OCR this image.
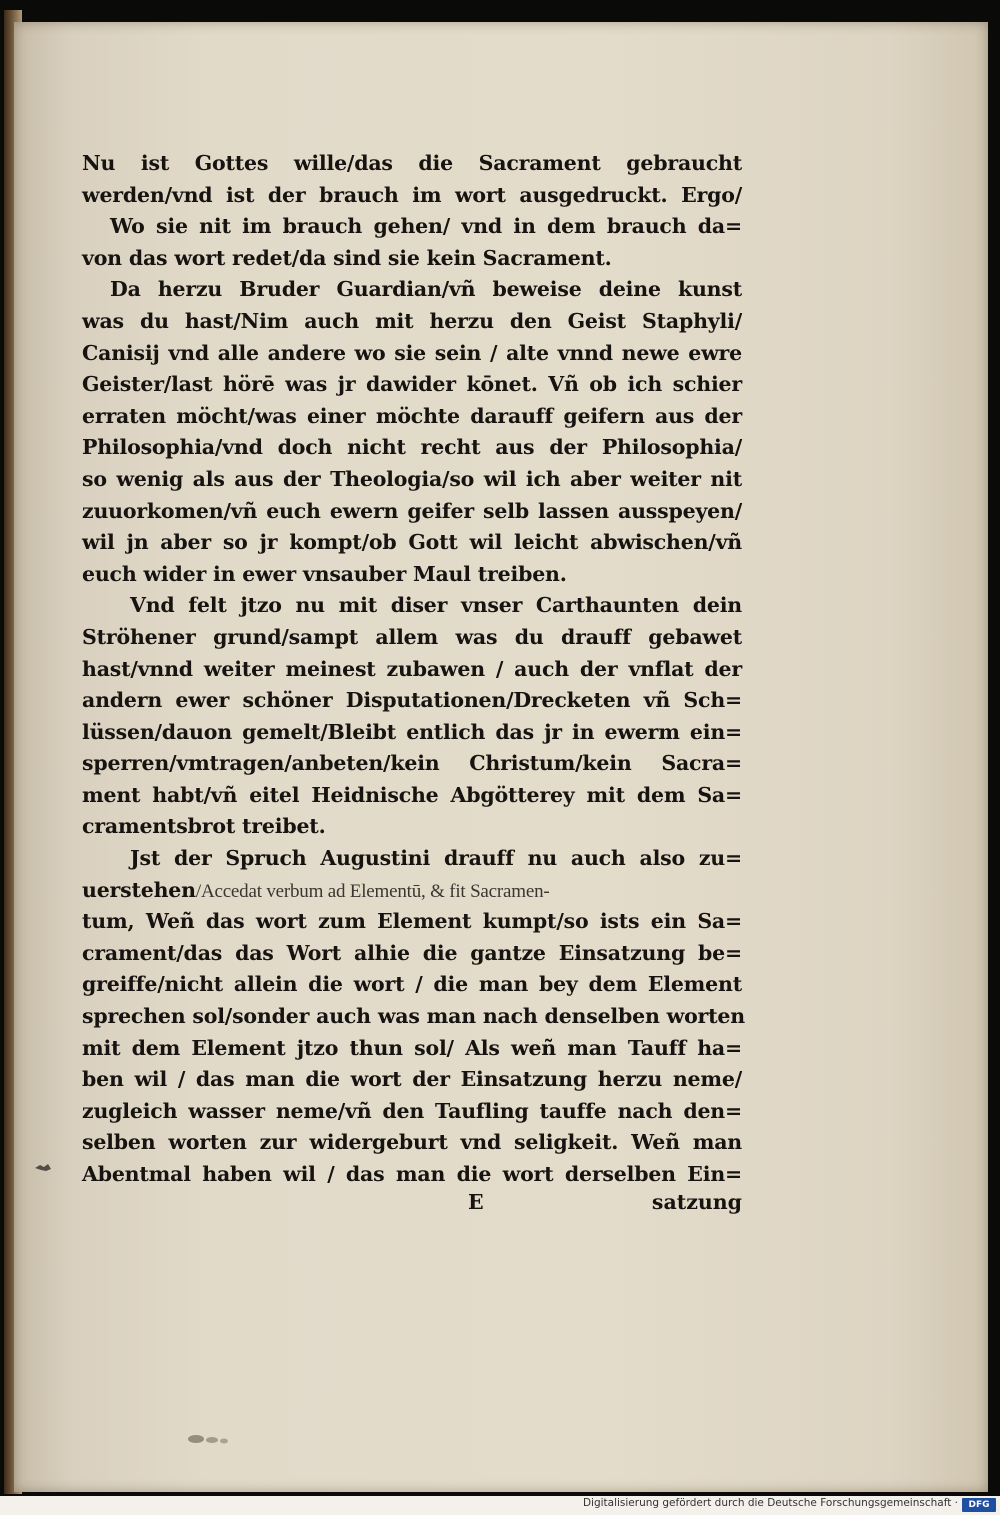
Nu ist Gottes wille/das die Sacrament gebraucht
werden/vnd ist der brauch im wort ausgedruckt. Ergo/
Wo sie nit im brauch gehen/ vnd in dem brauch da=
von das wort redet/da sind sie kein Sacrament.
Da herzu Bruder Guardian/vñ beweise deine kunst
was du hast/Nim auch mit herzu den Geist Staphyli/
Canisij vnd alle andere wo sie sein / alte vnnd newe ewre
Geister/last hörē was jr dawider kōnet. Vñ ob ich schier
erraten möcht/was einer möchte darauff geifern aus der
Philosophia/vnd doch nicht recht aus der Philosophia/
so wenig als aus der Theologia/so wil ich aber weiter nit
zuuorkomen/vñ euch ewern geifer selb lassen ausspeyen/
wil jn aber so jr kompt/ob Gott wil leicht abwischen/vñ
euch wider in ewer vnsauber Maul treiben.
Vnd felt jtzo nu mit diser vnser Carthaunten dein
Ströhener grund/sampt allem was du drauff gebawet
hast/vnnd weiter meinest zubawen / auch der vnflat der
andern ewer schöner Disputationen/Drecketen vñ Sch=
lüssen/dauon gemelt/Bleibt entlich das jr in ewerm ein=
sperren/vmtragen/anbeten/kein Christum/kein Sacra=
ment habt/vñ eitel Heidnische Abgötterey mit dem Sa=
cramentsbrot treibet.
Jst der Spruch Augustini drauff nu auch also zu=
uerstehen/Accedat verbum ad Elementū, & fit Sacramen-
tum, Weñ das wort zum Element kumpt/so ists ein Sa=
crament/das das Wort alhie die gantze Einsatzung be=
greiffe/nicht allein die wort / die man bey dem Element
sprechen sol/sonder auch was man nach denselben worten
mit dem Element jtzo thun sol/ Als weñ man Tauff ha=
ben wil / das man die wort der Einsatzung herzu neme/
zugleich wasser neme/vñ den Taufling tauffe nach den=
selben worten zur widergeburt vnd seligkeit. Weñ man
Abentmal haben wil / das man die wort derselben Ein=
E	satzung
Digitalisierung gefördert durch die Deutsche Forschungsgemeinschaft ·	DFG
